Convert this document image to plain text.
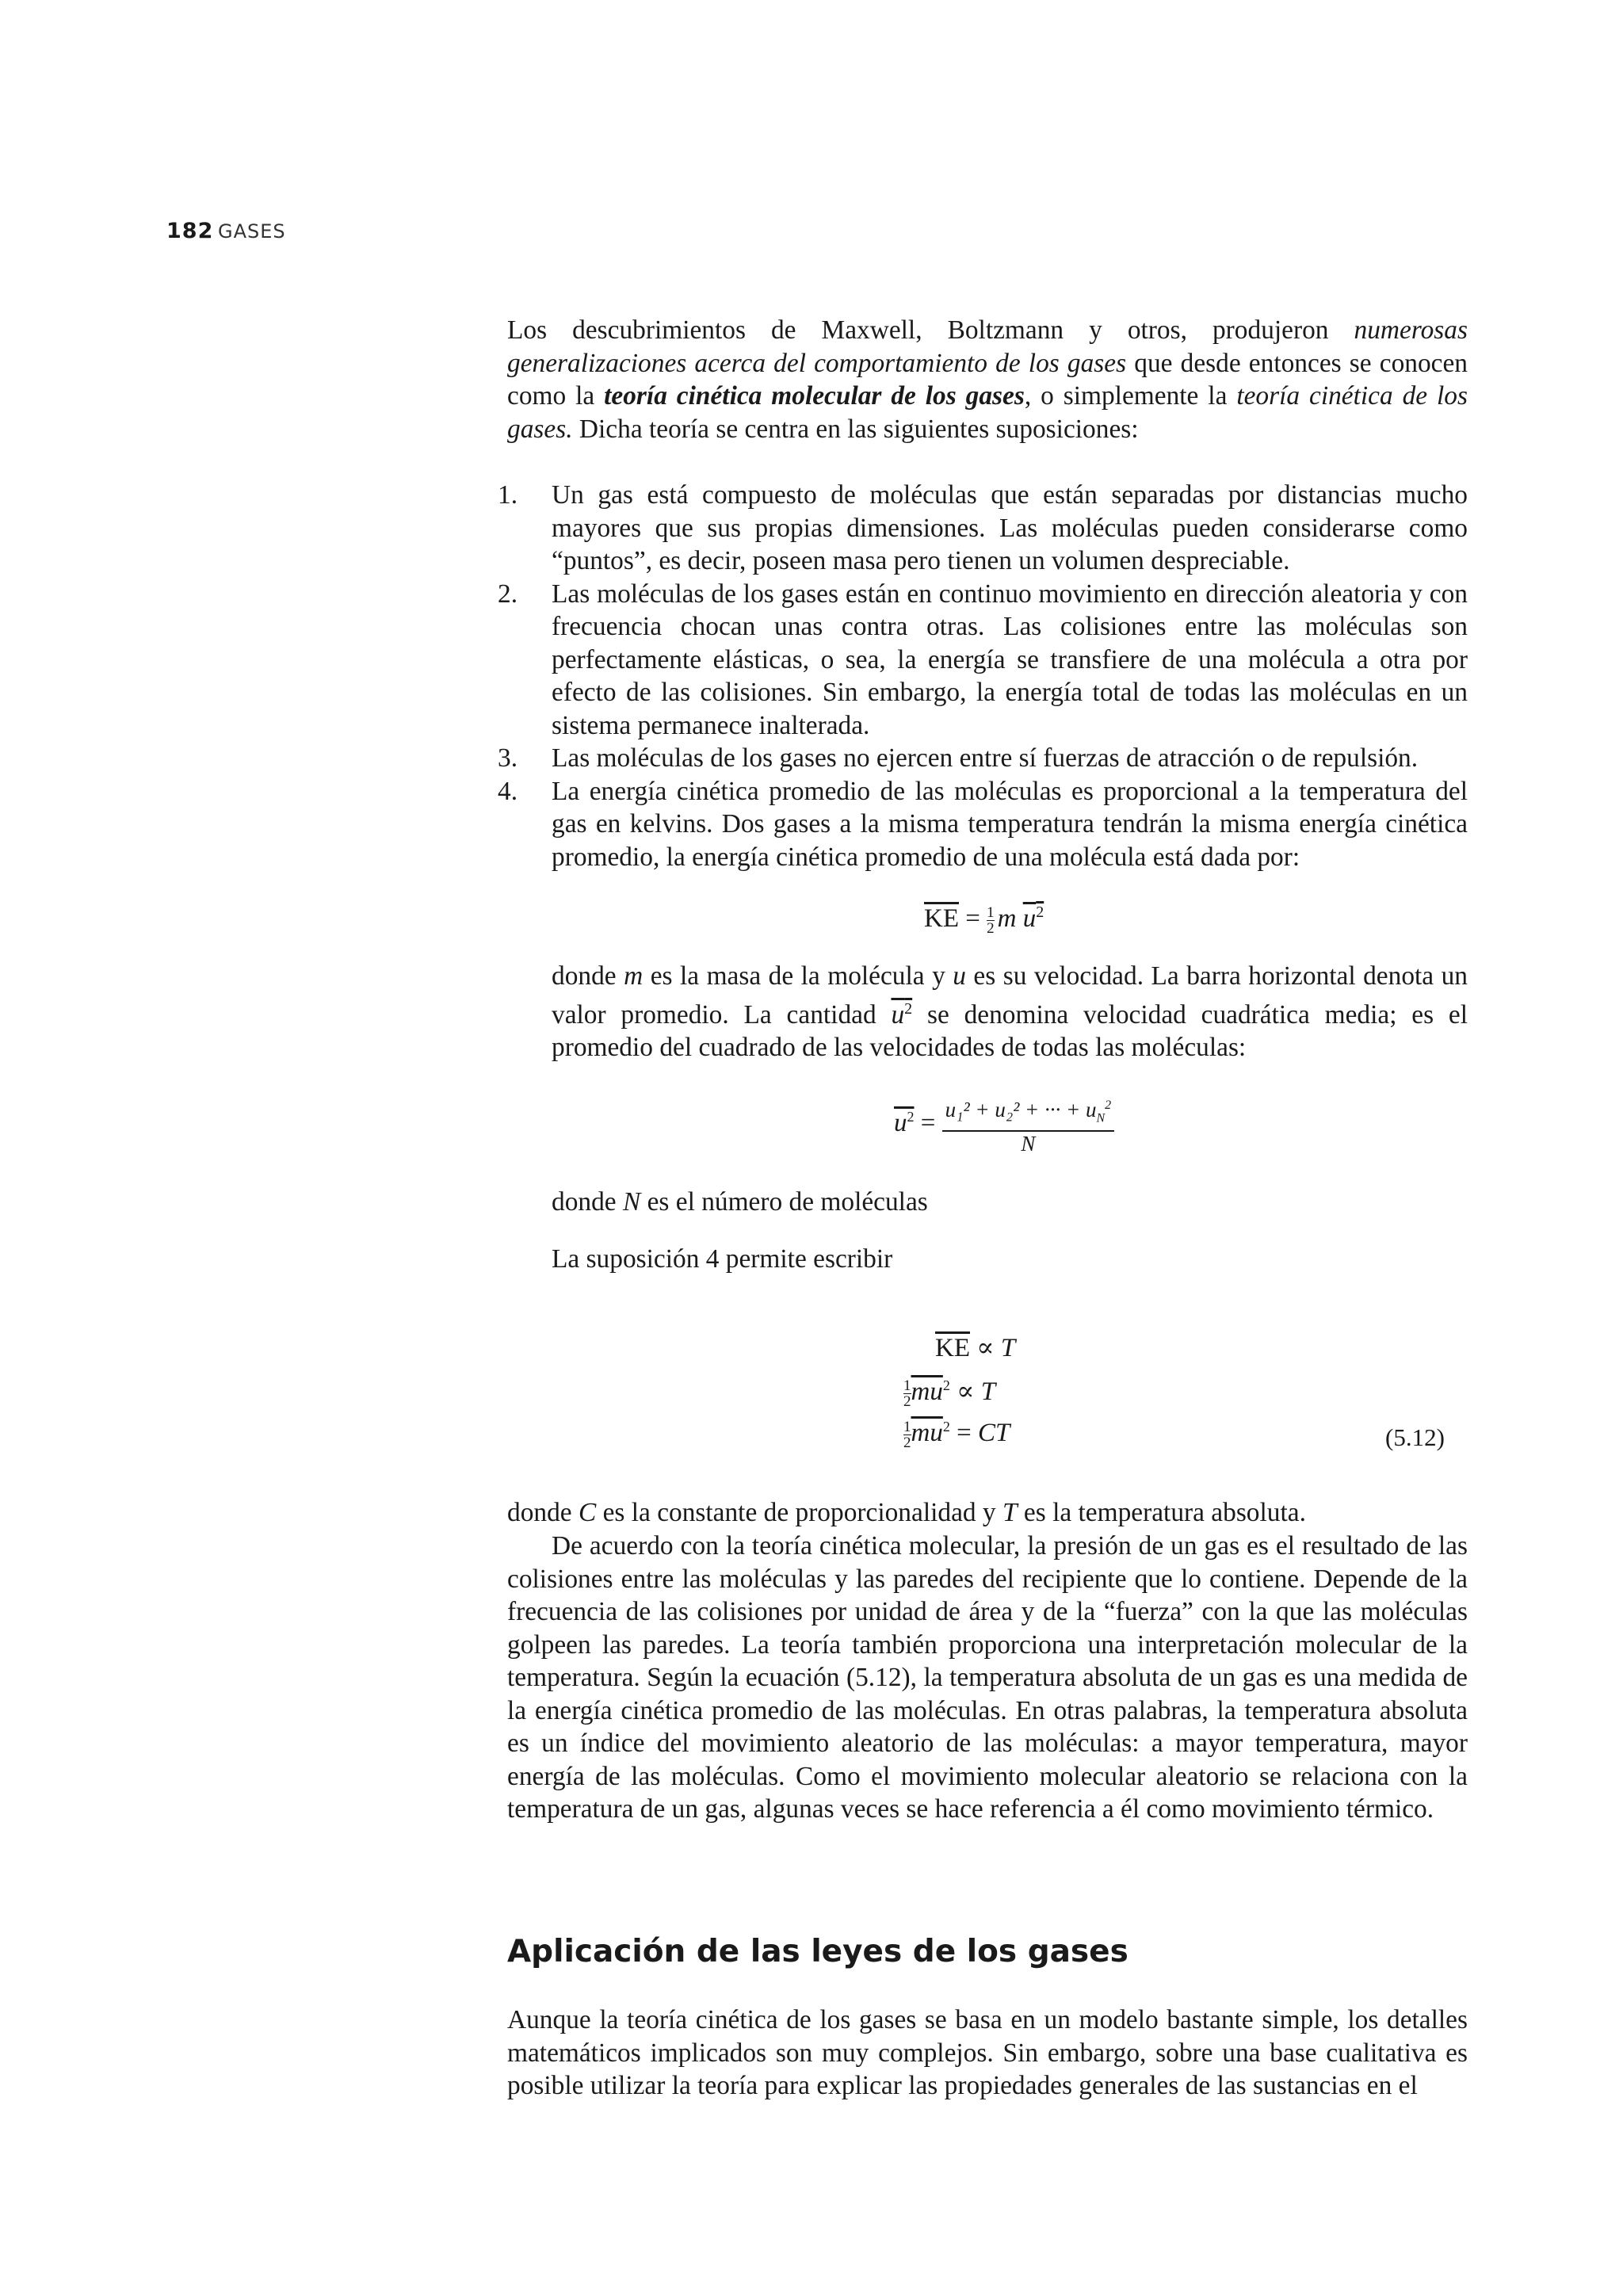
182 GASES
Los descubrimientos de Maxwell, Boltzmann y otros, produjeron numerosas generalizaciones acerca del comportamiento de los gases que desde entonces se conocen como la teoría cinética molecular de los gases, o simplemente la teoría cinética de los gases. Dicha teoría se centra en las siguientes suposiciones:
1. Un gas está compuesto de moléculas que están separadas por distancias mucho mayores que sus propias dimensiones. Las moléculas pueden considerarse como “puntos”, es decir, poseen masa pero tienen un volumen despreciable.
2. Las moléculas de los gases están en continuo movimiento en dirección aleatoria y con frecuencia chocan unas contra otras. Las colisiones entre las moléculas son perfectamente elásticas, o sea, la energía se transfiere de una molécula a otra por efecto de las colisiones. Sin embargo, la energía total de todas las moléculas en un sistema permanece inalterada.
3. Las moléculas de los gases no ejercen entre sí fuerzas de atracción o de repulsión.
4. La energía cinética promedio de las moléculas es proporcional a la temperatura del gas en kelvins. Dos gases a la misma temperatura tendrán la misma energía cinética promedio, la energía cinética promedio de una molécula está dada por:
$\overline{KE} = \frac{1}{2}$ m $u^2$
donde m es la masa de la molécula y u es su velocidad. La barra horizontal denota un valor promedio. La cantidad $u^2$ se denomina velocidad cuadrática media; es el promedio del cuadrado de las velocidades de todas las moléculas:
$u^2 = \frac{u_1^2 + u_2^2 + \cdot\cdot\cdot + u_N^2}{N}$
donde N es el número de moléculas
La suposición 4 permite escribir
$\overline{KE} \propto T$
$\frac{1}{2} \overline{mu}^2 \propto T$
$\frac{1}{2} \overline{mu}^2$ = CT	(5.12)
donde C es la constante de proporcionalidad y T es la temperatura absoluta.
De acuerdo con la teoría cinética molecular, la presión de un gas es el resultado de las colisiones entre las moléculas y las paredes del recipiente que lo contiene. Depende de la frecuencia de las colisiones por unidad de área y de la “fuerza” con la que las moléculas golpeen las paredes. La teoría también proporciona una interpretación molecular de la temperatura. Según la ecuación (5.12), la temperatura absoluta de un gas es una medida de la energía cinética promedio de las moléculas. En otras palabras, la temperatura absoluta es un índice del movimiento aleatorio de las moléculas: a mayor temperatura, mayor energía de las moléculas. Como el movimiento molecular aleatorio se relaciona con la temperatura de un gas, algunas veces se hace referencia a él como movimiento térmico.
Aplicación de las leyes de los gases
Aunque la teoría cinética de los gases se basa en un modelo bastante simple, los detalles matemáticos implicados son muy complejos. Sin embargo, sobre una base cualitativa es posible utilizar la teoría para explicar las propiedades generales de las sustancias en el
